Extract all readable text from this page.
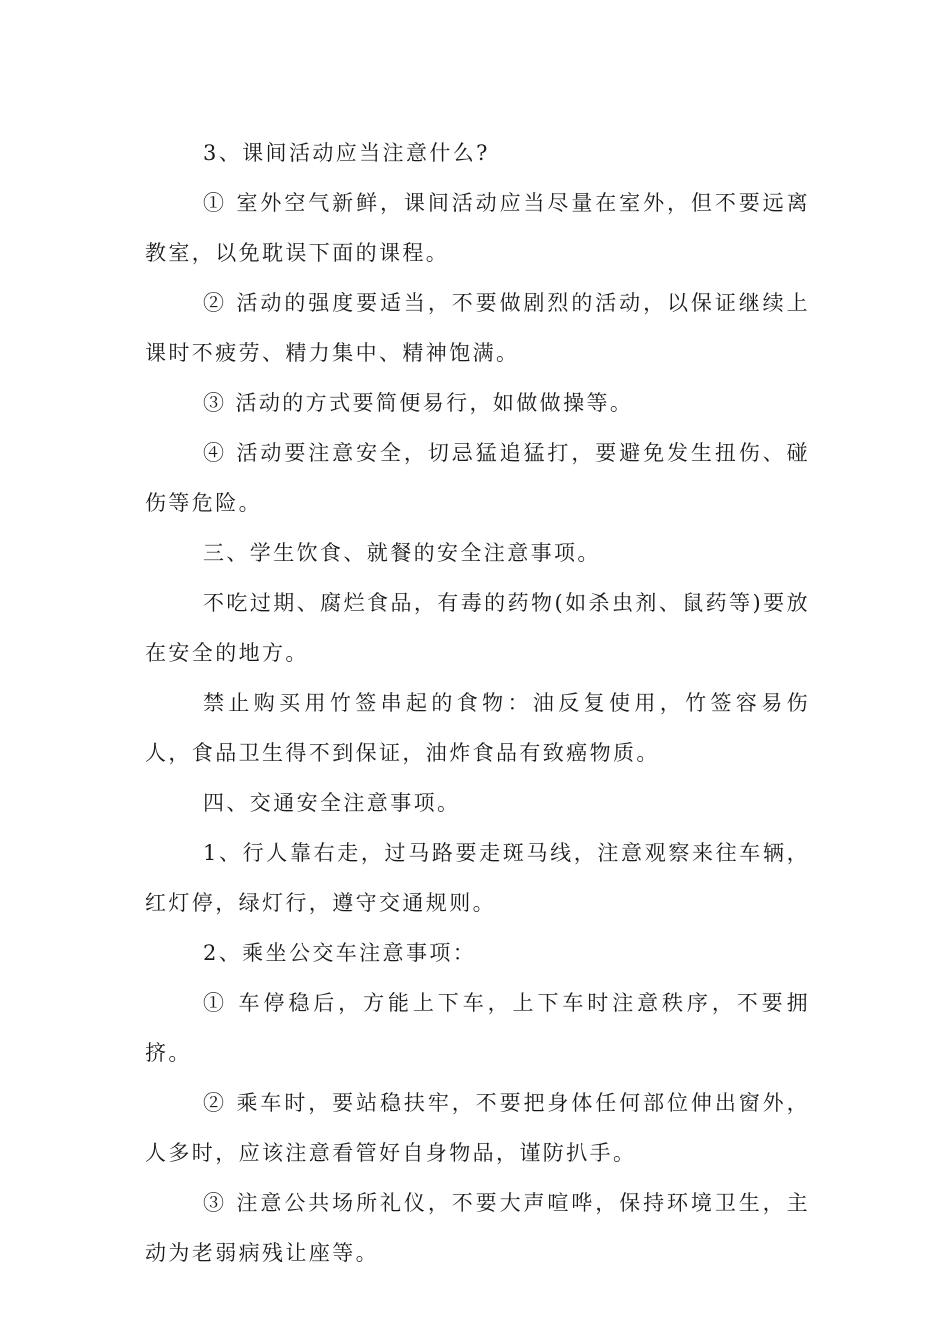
3、课间活动应当注意什么?

① 室外空气新鲜，课间活动应当尽量在室外，但不要远离教室，以免耽误下面的课程。

② 活动的强度要适当，不要做剧烈的活动，以保证继续上课时不疲劳、精力集中、精神饱满。

③ 活动的方式要简便易行，如做做操等。

④ 活动要注意安全，切忌猛追猛打，要避免发生扭伤、碰伤等危险。

三、学生饮食、就餐的安全注意事项。

不吃过期、腐烂食品，有毒的药物(如杀虫剂、鼠药等)要放在安全的地方。

禁止购买用竹签串起的食物：油反复使用，竹签容易伤人，食品卫生得不到保证，油炸食品有致癌物质。

四、交通安全注意事项。

1、行人靠右走，过马路要走斑马线，注意观察来往车辆，红灯停，绿灯行，遵守交通规则。

2、乘坐公交车注意事项：

① 车停稳后，方能上下车，上下车时注意秩序，不要拥挤。

② 乘车时，要站稳扶牢，不要把身体任何部位伸出窗外，人多时，应该注意看管好自身物品，谨防扒手。

③ 注意公共场所礼仪，不要大声喧哗，保持环境卫生，主动为老弱病残让座等。
